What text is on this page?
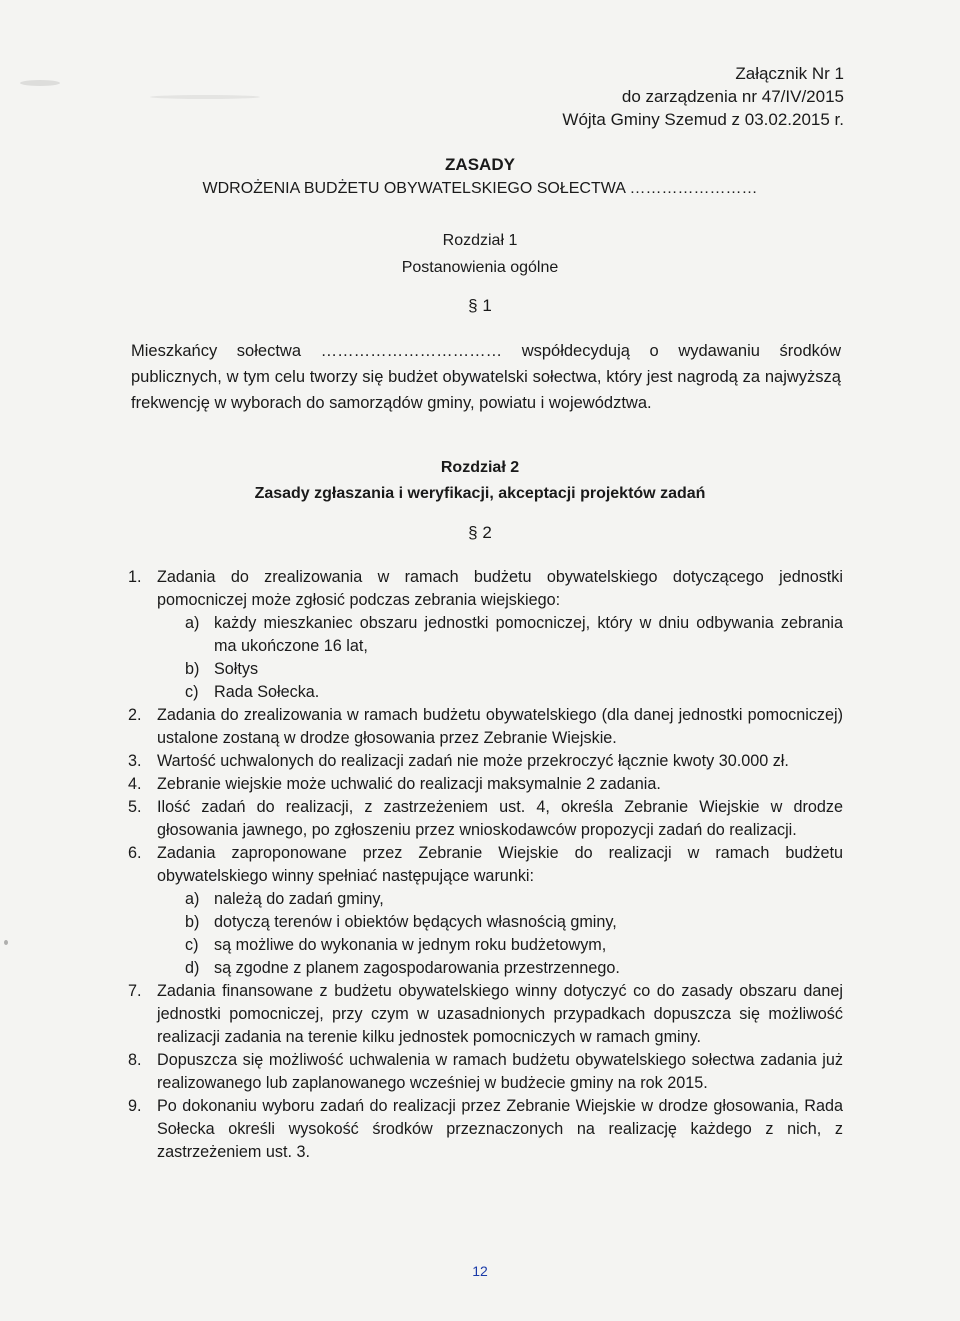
Załącznik Nr 1
do zarządzenia nr 47/IV/2015
Wójta Gminy Szemud z 03.02.2015 r.
ZASADY
WDROŻENIA BUDŻETU OBYWATELSKIEGO SOŁECTWA ……………………
Rozdział 1
Postanowienia ogólne
§ 1
Mieszkańcy sołectwa …………………………… współdecydują o wydawaniu środków publicznych, w tym celu tworzy się budżet obywatelski sołectwa, który jest nagrodą za najwyższą frekwencję w wyborach do samorządów gminy, powiatu i województwa.
Rozdział 2
Zasady zgłaszania i weryfikacji, akceptacji projektów zadań
§ 2
1. Zadania do zrealizowania w ramach budżetu obywatelskiego dotyczącego jednostki pomocniczej może zgłosić podczas zebrania wiejskiego:
a) każdy mieszkaniec obszaru jednostki pomocniczej, który w dniu odbywania zebrania ma ukończone 16 lat,
b) Sołtys
c) Rada Sołecka.
2. Zadania do zrealizowania w ramach budżetu obywatelskiego (dla danej jednostki pomocniczej) ustalone zostaną w drodze głosowania przez Zebranie Wiejskie.
3. Wartość uchwalonych do realizacji zadań nie może przekroczyć łącznie kwoty 30.000 zł.
4. Zebranie wiejskie może uchwalić do realizacji maksymalnie 2 zadania.
5. Ilość zadań do realizacji, z zastrzeżeniem ust. 4, określa Zebranie Wiejskie w drodze głosowania jawnego, po zgłoszeniu przez wnioskodawców propozycji zadań do realizacji.
6. Zadania zaproponowane przez Zebranie Wiejskie do realizacji w ramach budżetu obywatelskiego winny spełniać następujące warunki:
a) należą do zadań gminy,
b) dotyczą terenów i obiektów będących własnością gminy,
c) są możliwe do wykonania w jednym roku budżetowym,
d) są zgodne z planem zagospodarowania przestrzennego.
7. Zadania finansowane z budżetu obywatelskiego winny dotyczyć co do zasady obszaru danej jednostki pomocniczej, przy czym w uzasadnionych przypadkach dopuszcza się możliwość realizacji zadania na terenie kilku jednostek pomocniczych w ramach gminy.
8. Dopuszcza się możliwość uchwalenia w ramach budżetu obywatelskiego sołectwa zadania już realizowanego lub zaplanowanego wcześniej w budżecie gminy na rok 2015.
9. Po dokonaniu wyboru zadań do realizacji przez Zebranie Wiejskie w drodze głosowania, Rada Sołecka określi wysokość środków przeznaczonych na realizację każdego z nich, z zastrzeżeniem ust. 3.
12
